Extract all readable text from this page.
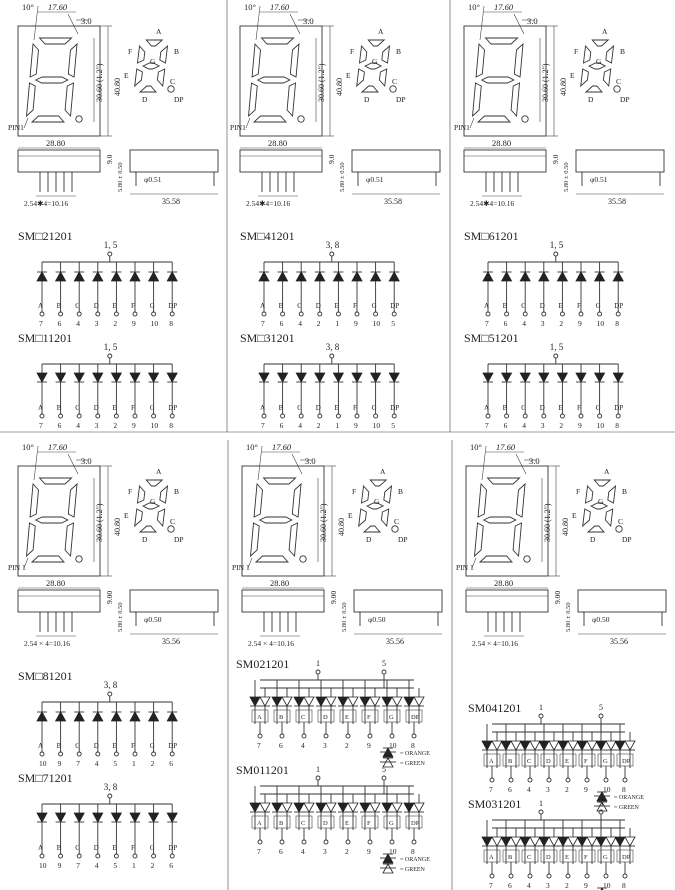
10° 17.60
3.0
30.60 (1.2") 40.80
PIN1
28.80
A
B
C
D
E
F
G
DP
2.54✱4=10.16
9.0
φ0.51
35.58
5.80 ± 0.50
SM□21201
1, 5
A
7
B
6
C
4
D
3
E
2
F
9
G
10
DP
8
SM□11201
1, 5
A
7
B
6
C
4
D
3
E
2
F
9
G
10
DP
8
10° 17.60
3.0
30.60 (1.2") 40.80
PIN1
28.80
A
B
C
D
E
F
G
DP
2.54✱4=10.16
9.0
φ0.51
35.58
5.80 ± 0.50
SM□41201
3, 8
A
7
B
6
C
4
D
2
E
1
F
9
G
10
DP
5
SM□31201
3, 8
A
7
B
6
C
4
D
2
E
1
F
9
G
10
DP
5
10° 17.60
3.0
30.60 (1.2") 40.80
PIN1
28.80
A
B
C
D
E
F
G
DP
2.54✱4=10.16
9.0
φ0.51
35.58
5.80 ± 0.50
SM□61201
1, 5
A
7
B
6
C
4
D
3
E
2
F
9
G
10
DP
8
SM□51201
1, 5
A
7
B
6
C
4
D
3
E
2
F
9
G
10
DP
8
10° 17.60
3.0
30.60 (1.2") 40.80
PIN 1
28.80
A
B
C
D
E
F
G
DP
2.54 × 4=10.16
9.00
φ0.50
35.56
5.80 ± 0.50
SM□81201
3, 8
A
10
B
9
C
7
D
4
E
5
F
1
G
2
DP
6
SM□71201
3, 8
A
10
B
9
C
7
D
4
E
5
F
1
G
2
DP
6
10° 17.60
3.0
30.60 (1.2") 40.80
PIN 1
28.80
A
B
C
D
E
F
G
DP
2.54 × 4=10.16
9.00
φ0.50
35.56
5.80 ± 0.50
SM021201	1	5
A
7
B
6
C
4
D
3
E
2
F
9
G
10
DP
8
= ORANGE
= GREEN
SM011201	1	5
A
7
B
6
C
4
D
3
E
2
F
9
G
10
DP
8
= ORANGE
= GREEN
10° 17.60
3.0
30.60 (1.2") 40.80
PIN 1
28.80
A
B
C
D
E
F
G
DP
2.54 × 4=10.16
9.00
φ0.50
35.56
5.80 ± 0.50
SM041201 1	5
A
7
B
6
C
4
D
3
E
2
F
9
G
10
DP
8
= ORANGE
= GREEN
SM031201 1	5
A
7
B
6
C
4
D
3
E
2
F
9
G
10
DP
8
